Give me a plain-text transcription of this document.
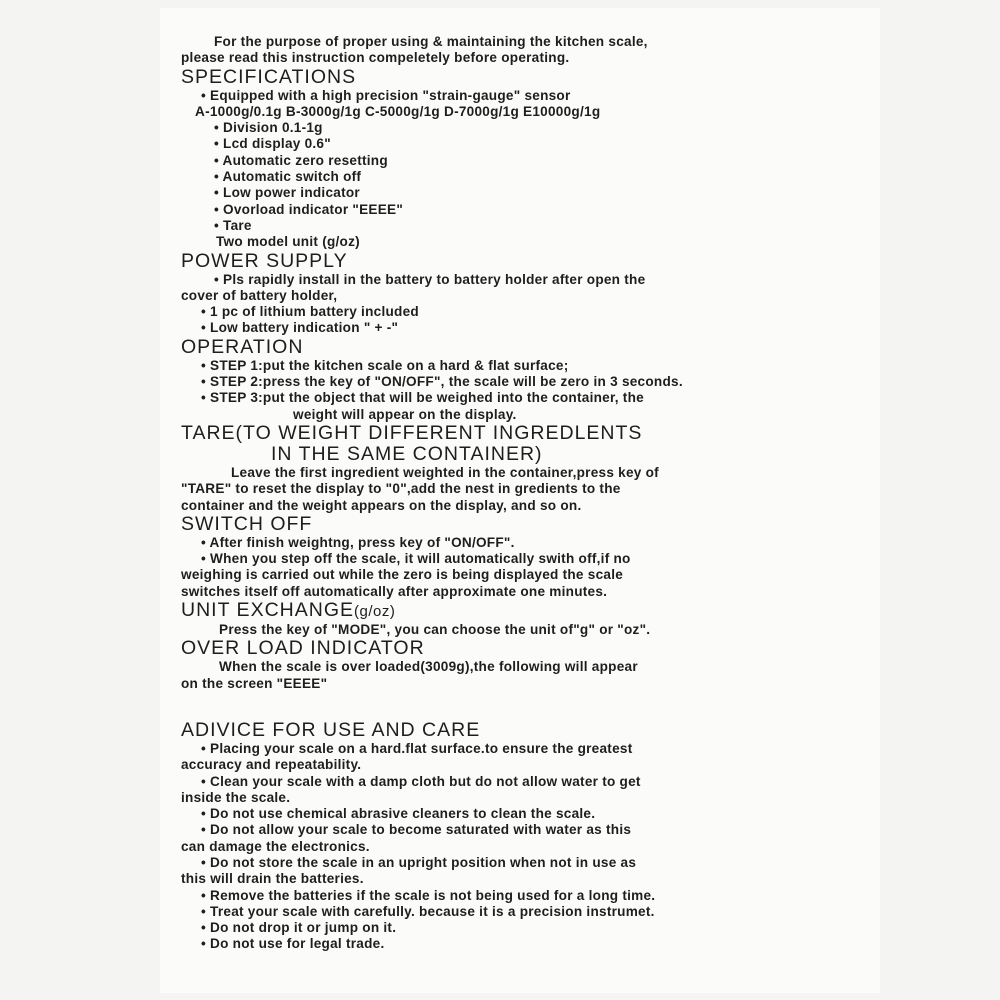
For the purpose of proper using & maintaining the kitchen scale,

please read this instruction compeletely before operating.

SPECIFICATIONS

• Equipped with a high precision "strain-gauge" sensor

A-1000g/0.1g B-3000g/1g C-5000g/1g D-7000g/1g E10000g/1g

• Division 0.1-1g

• Lcd display 0.6"

• Automatic zero resetting

• Automatic switch off

• Low power indicator

• Ovorload indicator "EEEE"

• Tare

Two model unit (g/oz)

POWER SUPPLY

• Pls rapidly install in the battery to battery holder after open the

cover of battery holder,

• 1 pc of lithium battery included

• Low battery indication " + -"

OPERATION

• STEP 1:put the kitchen scale on a hard & flat surface;

• STEP 2:press the key of "ON/OFF", the scale will be zero in 3 seconds.

• STEP 3:put the object that will be weighed into the container, the

weight will appear on the display.

TARE(TO WEIGHT DIFFERENT INGREDLENTS

IN THE SAME CONTAINER)

Leave the first ingredient weighted in the container,press key of

"TARE" to reset the display to "0",add the nest in gredients to the

container and the weight appears on the display, and so on.

SWITCH OFF

• After finish weightng, press key of "ON/OFF".

• When you step off the scale, it will automatically swith off,if no

weighing is carried out while the zero is being displayed the scale

switches itself off automatically after approximate one minutes.

UNIT EXCHANGE(g/oz)

Press the key of "MODE", you can choose the unit of"g" or "oz".

OVER LOAD INDICATOR

When the scale is over loaded(3009g),the following will appear

on the screen "EEEE"

ADIVICE FOR USE AND CARE

• Placing your scale on a hard.flat surface.to ensure the greatest

accuracy and repeatability.

• Clean your scale with a damp cloth but do not allow water to get

inside the scale.

• Do not use chemical abrasive cleaners to clean the scale.

• Do not allow your scale to become saturated with water as this

can damage the electronics.

• Do not store the scale in an upright position when not in use as

this will drain the batteries.

• Remove the batteries if the scale is not being used for a long time.

• Treat your scale with carefully. because it is a precision instrumet.

• Do not drop it or jump on it.

• Do not use for legal trade.
